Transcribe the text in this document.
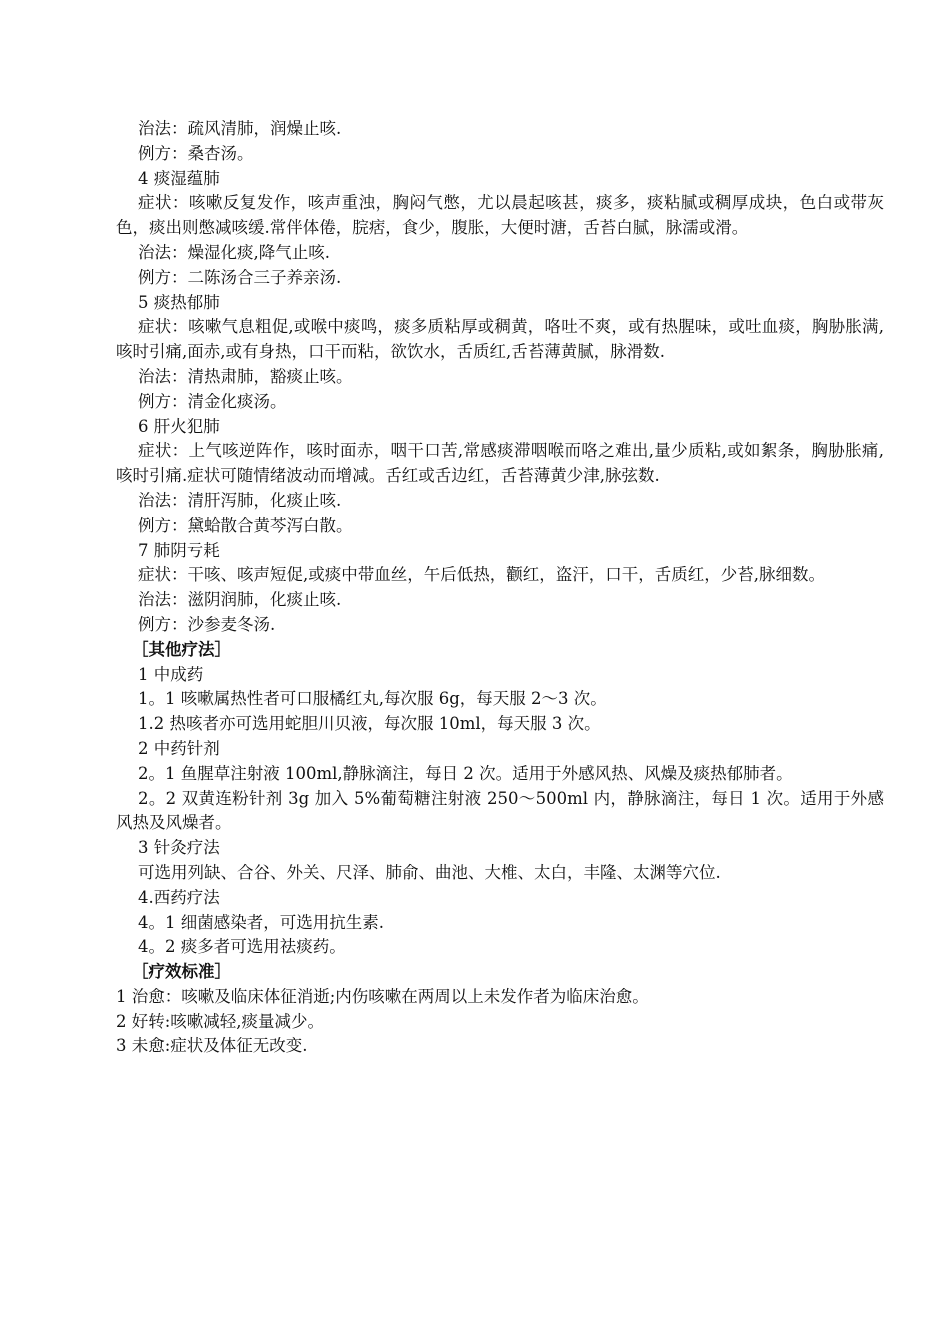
治法：疏风清肺，润燥止咳.
例方：桑杏汤。
4 痰湿蕴肺

症状：咳嗽反复发作，咳声重浊，胸闷气憋，尤以晨起咳甚，痰多，痰粘腻或稠厚成块，色白或带灰色，痰出则憋减咳缓.常伴体倦，脘痞，食少，腹胀，大便时溏，舌苔白腻，脉濡或滑。

治法：燥湿化痰,降气止咳.
例方：二陈汤合三子养亲汤.
5 痰热郁肺

症状：咳嗽气息粗促,或喉中痰鸣，痰多质粘厚或稠黄，咯吐不爽，或有热腥味，或吐血痰，胸胁胀满,咳时引痛,面赤,或有身热，口干而粘，欲饮水，舌质红,舌苔薄黄腻，脉滑数.

治法：清热肃肺，豁痰止咳。
例方：清金化痰汤。
6 肝火犯肺

症状：上气咳逆阵作，咳时面赤，咽干口苦,常感痰滞咽喉而咯之难出,量少质粘,或如絮条，胸胁胀痛,咳时引痛.症状可随情绪波动而增减。舌红或舌边红，舌苔薄黄少津,脉弦数.

治法：清肝泻肺，化痰止咳.
例方：黛蛤散合黄芩泻白散。
7 肺阴亏耗

症状：干咳、咳声短促,或痰中带血丝，午后低热，颧红，盗汗，口干，舌质红，少苔,脉细数。

治法：滋阴润肺，化痰止咳.
例方：沙参麦冬汤.
［其他疗法］
1 中成药
1。1 咳嗽属热性者可口服橘红丸,每次服 6g，每天服 2～3 次。
1.2 热咳者亦可选用蛇胆川贝液，每次服 10ml，每天服 3 次。
2 中药针剂
2。1 鱼腥草注射液 100ml,静脉滴注，每日 2 次。适用于外感风热、风燥及痰热郁肺者。

2。2 双黄连粉针剂 3g 加入 5%葡萄糖注射液 250～500ml 内，静脉滴注，每日 1 次。适用于外感风热及风燥者。

3 针灸疗法
可选用列缺、合谷、外关、尺泽、肺俞、曲池、大椎、太白，丰隆、太渊等穴位.
4.西药疗法
4。1 细菌感染者，可选用抗生素.
4。2 痰多者可选用祛痰药。
［疗效标准］
1 治愈：咳嗽及临床体征消逝;内伤咳嗽在两周以上未发作者为临床治愈。
2 好转:咳嗽减轻,痰量减少。
3 未愈:症状及体征无改变.
